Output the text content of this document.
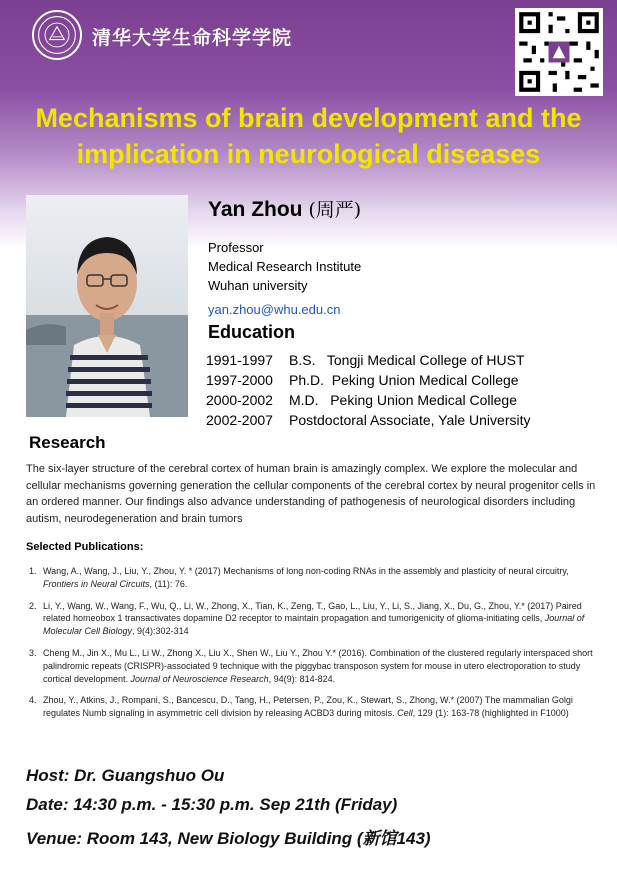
清华大学生命科学学院
Mechanisms of brain development and the
implication in neurological diseases
Yan Zhou (周严)
Professor
Medical Research Institute
Wuhan university
yan.zhou@whu.edu.cn
Education
1991-1997 B.S.   Tongji Medical College of HUST
1997-2000 Ph.D.  Peking Union Medical College
2000-2002 M.D.   Peking Union Medical College
2002-2007 Postdoctoral Associate, Yale University
Research

The six-layer structure of the cerebral cortex of human brain is amazingly complex. We explore the molecular and cellular mechanisms governing generation the cellular components of the cerebral cortex by neural progenitor cells in an ordered manner. Our findings also advance understanding of pathogenesis of neurological disorders including autism, neurodegeneration and brain tumors

Selected Publications:
1. Wang, A., Wang, J., Liu, Y., Zhou, Y. * (2017) Mechanisms of long non-coding RNAs in the assembly and plasticity of neural circuitry, Frontiers in Neural Circuits, (11): 76.
2. Li, Y., Wang, W., Wang, F., Wu, Q., Li, W., Zhong, X., Tian, K., Zeng, T., Gao, L., Liu, Y., Li, S., Jiang, X., Du, G., Zhou, Y.* (2017) Paired related homeobox 1 transactivates dopamine D2 receptor to maintain propagation and tumorigenicity of glioma-initiating cells, Journal of Molecular Cell Biology, 9(4):302-314
3. Cheng M., Jin X., Mu L., Li W., Zhong X., Liu X., Shen W., Liu Y., Zhou Y.* (2016). Combination of the clustered regularly interspaced short palindromic repeats (CRISPR)-associated 9 technique with the piggybac transposon system for mouse in utero electroporation to study cortical development. Journal of Neuroscience Research, 94(9): 814-824.
4. Zhou, Y., Atkins, J., Rompani, S., Bancescu, D., Tang, H., Petersen, P., Zou, K., Stewart, S., Zhong, W.* (2007) The mammalian Golgi regulates Numb signaling in asymmetric cell division by releasing ACBD3 during mitosis. Cell, 129 (1): 163-78 (highlighted in F1000)
Host: Dr. Guangshuo Ou
Date: 14:30 p.m. - 15:30 p.m. Sep 21th (Friday)
Venue: Room 143, New Biology Building (新馆143)
